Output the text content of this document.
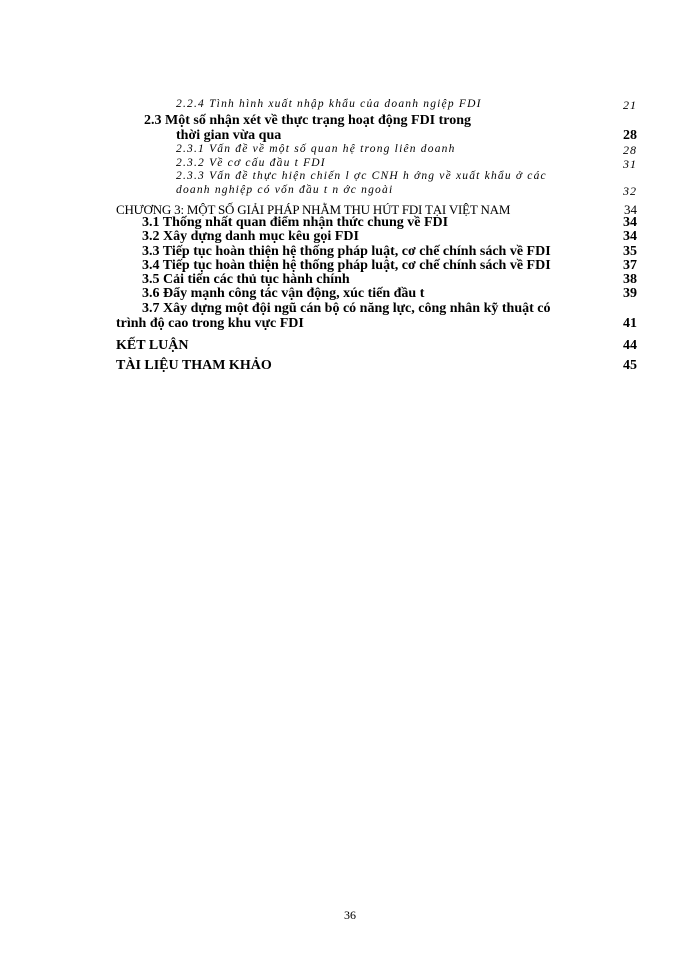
2.2.4 Tình hình xuất nhập khẩu của doanh ngiệp FDI	21
2.3 Một số nhận xét về thực trạng hoạt động FDI trong
thời gian vừa qua	28
2.3.1 Vấn đề về một số quan hệ trong liên doanh	28
2.3.2 Về cơ cấu đầu t FDI	31
2.3.3 Vấn đề thực hiện chiến l ợc CNH h ớng về xuất khẩu ở các
doanh nghiệp có vốn đầu t n ớc ngoài	32
CHƯƠNG 3: MỘT SỐ GIẢI PHÁP NHẰM THU HÚT FDI TẠI VIỆT NAM	34
3.1 Thống nhất quan điểm nhận thức chung về FDI	34
3.2 Xây dựng danh mục kêu gọi FDI	34
3.3 Tiếp tục hoàn thiện hệ thống pháp luật, cơ chế chính sách về FDI	35
3.4 Tiếp tục hoàn thiện hệ thống pháp luật, cơ chế chính sách về FDI	37
3.5 Cải tiến các thủ tục hành chính	38
3.6 Đẩy mạnh công tác vận động, xúc tiến đầu t	39
3.7 Xây dựng một đội ngũ cán bộ có năng lực, công nhân kỹ thuật có
trình độ cao trong khu vực FDI	41
KẾT LUẬN	44
TÀI LIỆU THAM KHẢO	45
36
